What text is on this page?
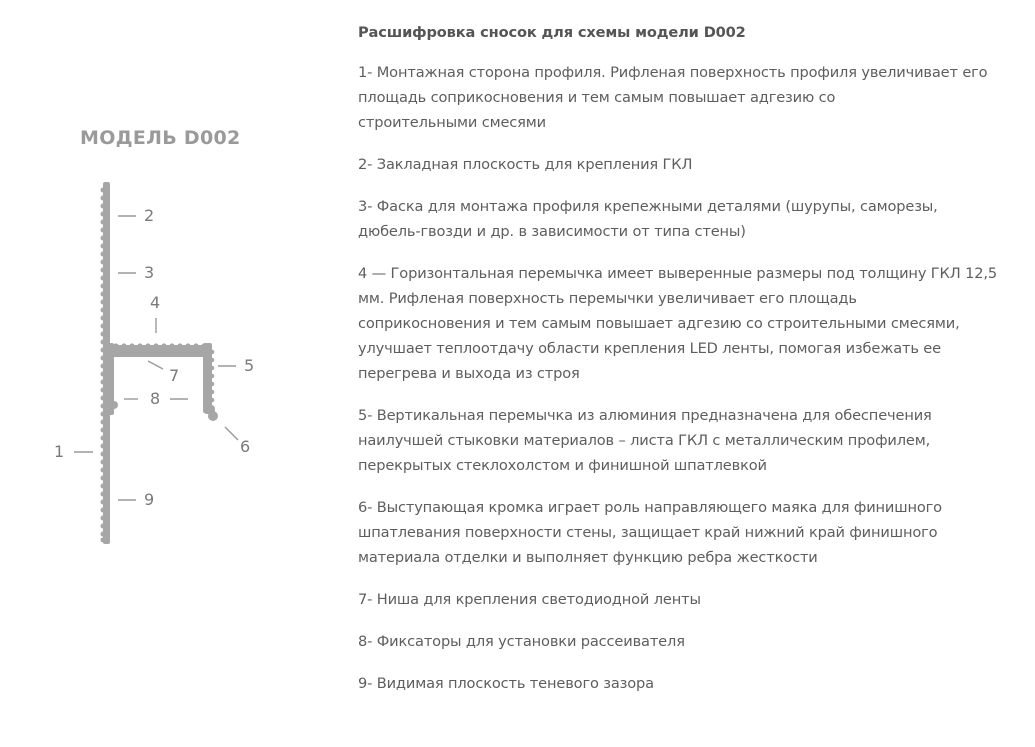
МОДЕЛЬ D002
2
3
4
5
6
7
8
1
9
Расшифровка сносок для схемы модели D002
1- Монтажная сторона профиля. Рифленая поверхность профиля увеличивает его
площадь соприкосновения и тем самым повышает адгезию со
строительными смесями
2- Закладная плоскость для крепления ГКЛ
3- Фаска для монтажа профиля крепежными деталями (шурупы, саморезы,
дюбель-гвозди и др. в зависимости от типа стены)
4 — Горизонтальная перемычка имеет выверенные размеры под толщину ГКЛ 12,5
мм. Рифленая поверхность перемычки увеличивает его площадь
соприкосновения и тем самым повышает адгезию со строительными смесями,
улучшает теплоотдачу области крепления LED ленты, помогая избежать ее
перегрева и выхода из строя
5- Вертикальная перемычка из алюминия предназначена для обеспечения
наилучшей стыковки материалов – листа ГКЛ с металлическим профилем,
перекрытых стеклохолстом и финишной шпатлевкой
6- Выступающая кромка играет роль направляющего маяка для финишного
шпатлевания поверхности стены, защищает край нижний край финишного
материала отделки и выполняет функцию ребра жесткости
7- Ниша для крепления светодиодной ленты
8- Фиксаторы для установки рассеивателя
9- Видимая плоскость теневого зазора
